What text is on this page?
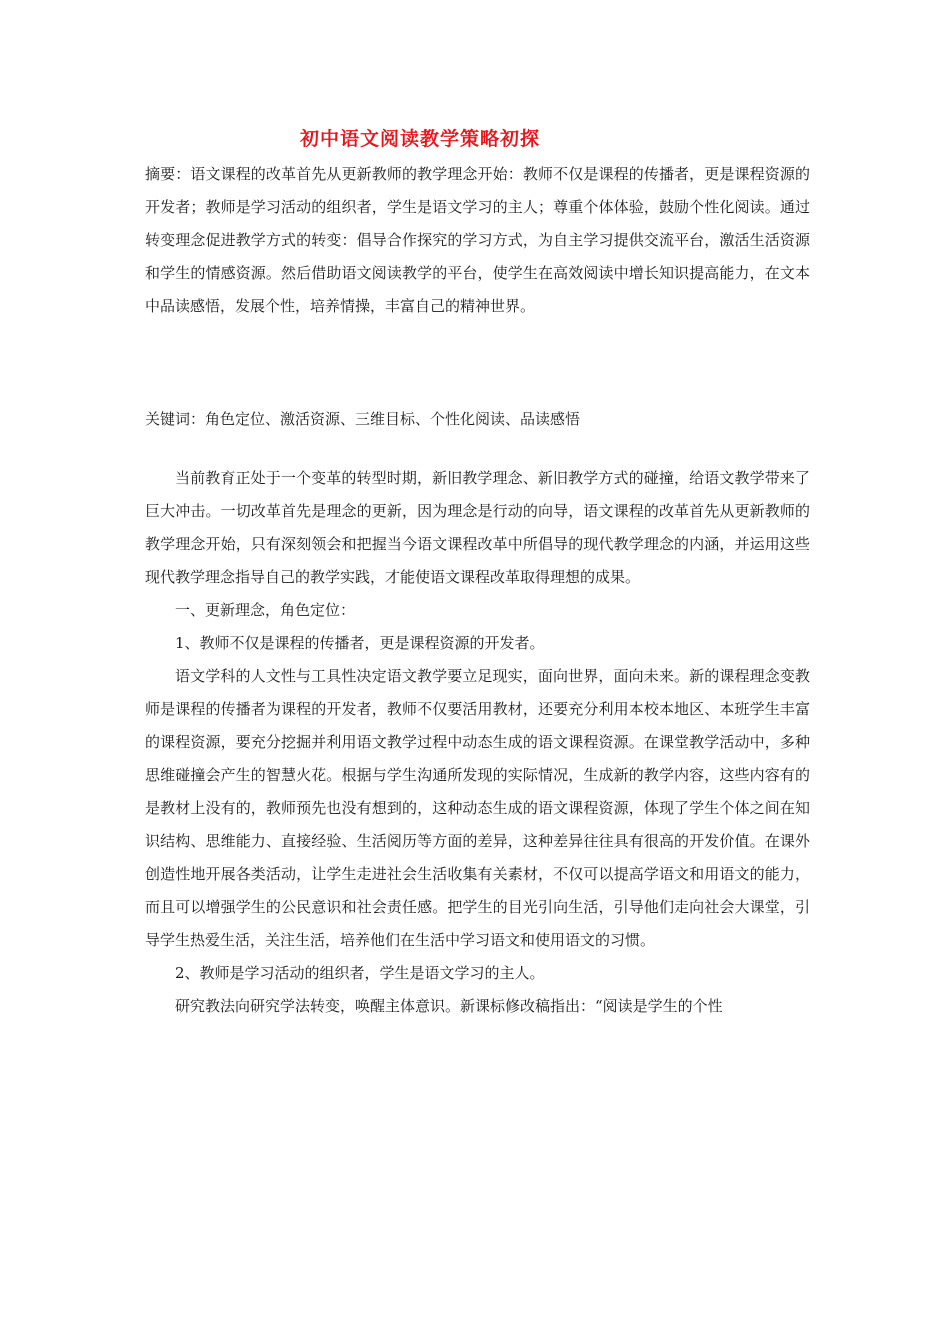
初中语文阅读教学策略初探

摘要：语文课程的改革首先从更新教师的教学理念开始：教师不仅是课程的传播者，更是课程资源的开发者；教师是学习活动的组织者，学生是语文学习的主人；尊重个体体验，鼓励个性化阅读。通过转变理念促进教学方式的转变：倡导合作探究的学习方式，为自主学习提供交流平台，激活生活资源和学生的情感资源。然后借助语文阅读教学的平台，使学生在高效阅读中增长知识提高能力，在文本中品读感悟，发展个性，培养情操，丰富自己的精神世界。

关键词：角色定位、激活资源、三维目标、个性化阅读、品读感悟

当前教育正处于一个变革的转型时期，新旧教学理念、新旧教学方式的碰撞，给语文教学带来了巨大冲击。一切改革首先是理念的更新，因为理念是行动的向导，语文课程的改革首先从更新教师的教学理念开始，只有深刻领会和把握当今语文课程改革中所倡导的现代教学理念的内涵，并运用这些现代教学理念指导自己的教学实践，才能使语文课程改革取得理想的成果。

一、更新理念，角色定位：

1、教师不仅是课程的传播者，更是课程资源的开发者。

语文学科的人文性与工具性决定语文教学要立足现实，面向世界，面向未来。新的课程理念变教师是课程的传播者为课程的开发者，教师不仅要活用教材，还要充分利用本校本地区、本班学生丰富的课程资源，要充分挖掘并利用语文教学过程中动态生成的语文课程资源。在课堂教学活动中，多种思维碰撞会产生的智慧火花。根据与学生沟通所发现的实际情况，生成新的教学内容，这些内容有的是教材上没有的，教师预先也没有想到的，这种动态生成的语文课程资源，体现了学生个体之间在知识结构、思维能力、直接经验、生活阅历等方面的差异，这种差异往往具有很高的开发价值。在课外创造性地开展各类活动，让学生走进社会生活收集有关素材，不仅可以提高学语文和用语文的能力，而且可以增强学生的公民意识和社会责任感。把学生的目光引向生活，引导他们走向社会大课堂，引导学生热爱生活，关注生活，培养他们在生活中学习语文和使用语文的习惯。

2、教师是学习活动的组织者，学生是语文学习的主人。

研究教法向研究学法转变，唤醒主体意识。新课标修改稿指出：“阅读是学生的个性
